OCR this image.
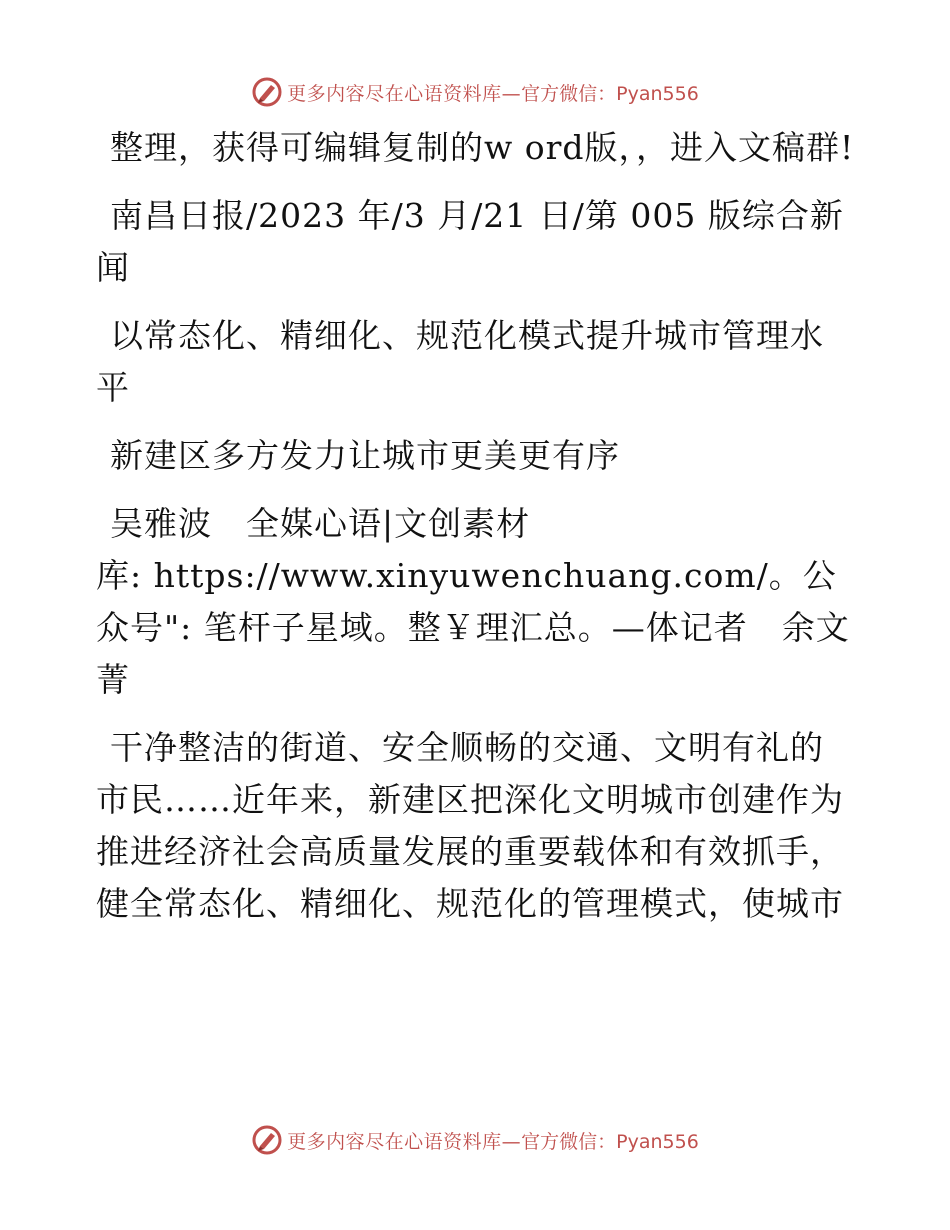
更多内容尽在心语资料库— 官方微信：Pyan556

整理，获得可编辑复制的w ord版，，进入文稿群!

南昌日报/2023 年/3 月/21 日/第 005 版综合新闻

以常态化、精细化、规范化模式提升城市管理水平

新建区多方发力让城市更美更有序

吴雅波　全媒心语|文创素材

库: https://www.xinyuwenchuang.com/。公众号": 笔杆子星域。整￥理汇总。—体记者　余文菁

干净整洁的街道、安全顺畅的交通、文明有礼的市民……近年来，新建区把深化文明城市创建作为推进经济社会高质量发展的重要载体和有效抓手，健全常态化、精细化、规范化的管理模式，使城市

更多内容尽在心语资料库— 官方微信：Pyan556
